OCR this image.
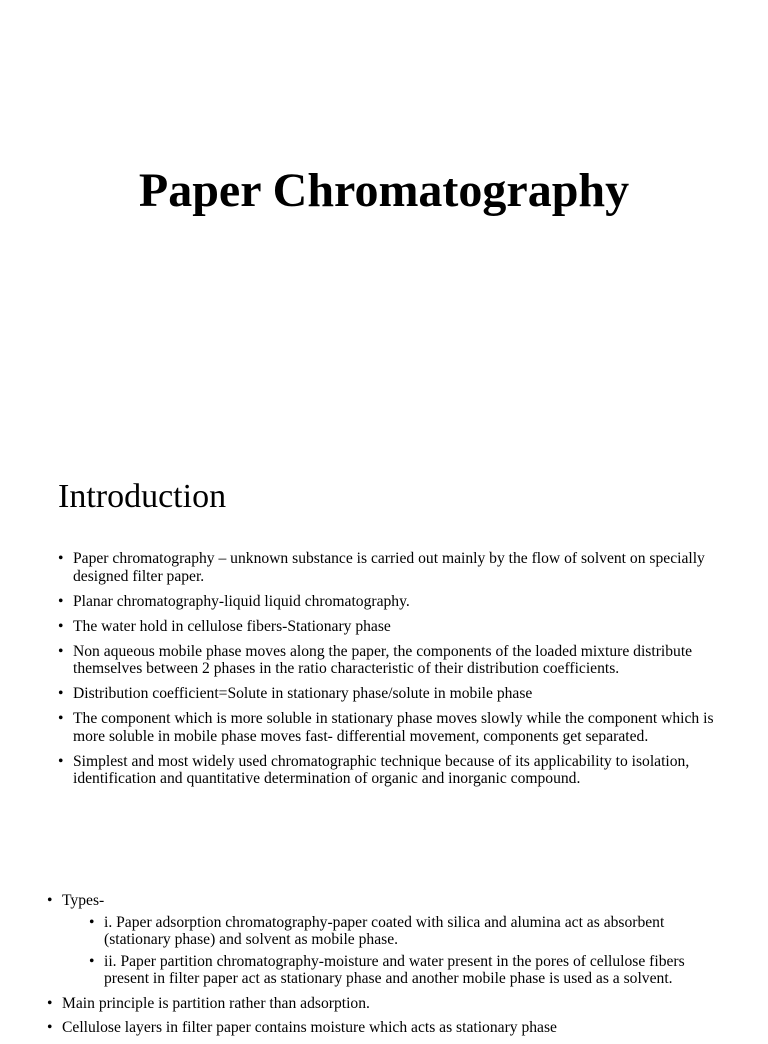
Paper Chromatography
Introduction
• Paper chromatography – unknown substance is carried out mainly by the flow of solvent on specially designed filter paper.
• Planar chromatography-liquid liquid chromatography.
• The water hold in cellulose fibers-Stationary phase
• Non aqueous mobile phase moves along the paper, the components of the loaded mixture distribute themselves between 2 phases in the ratio characteristic of their distribution coefficients.
• Distribution coefficient=Solute in stationary phase/solute in mobile phase
• The component which is more soluble in stationary phase moves slowly while the component which is more soluble in mobile phase moves fast- differential movement, components get separated.
• Simplest and most widely used chromatographic technique because of its applicability to isolation, identification and quantitative determination of organic and inorganic compound.
• Types-
• i. Paper adsorption chromatography-paper coated with silica and alumina act as absorbent (stationary phase) and solvent as mobile phase.
• ii. Paper partition chromatography-moisture and water present in the pores of cellulose fibers present in filter paper act as stationary phase and another mobile phase is used as a solvent.
• Main principle is partition rather than adsorption.
• Cellulose layers in filter paper contains moisture which acts as stationary phase
